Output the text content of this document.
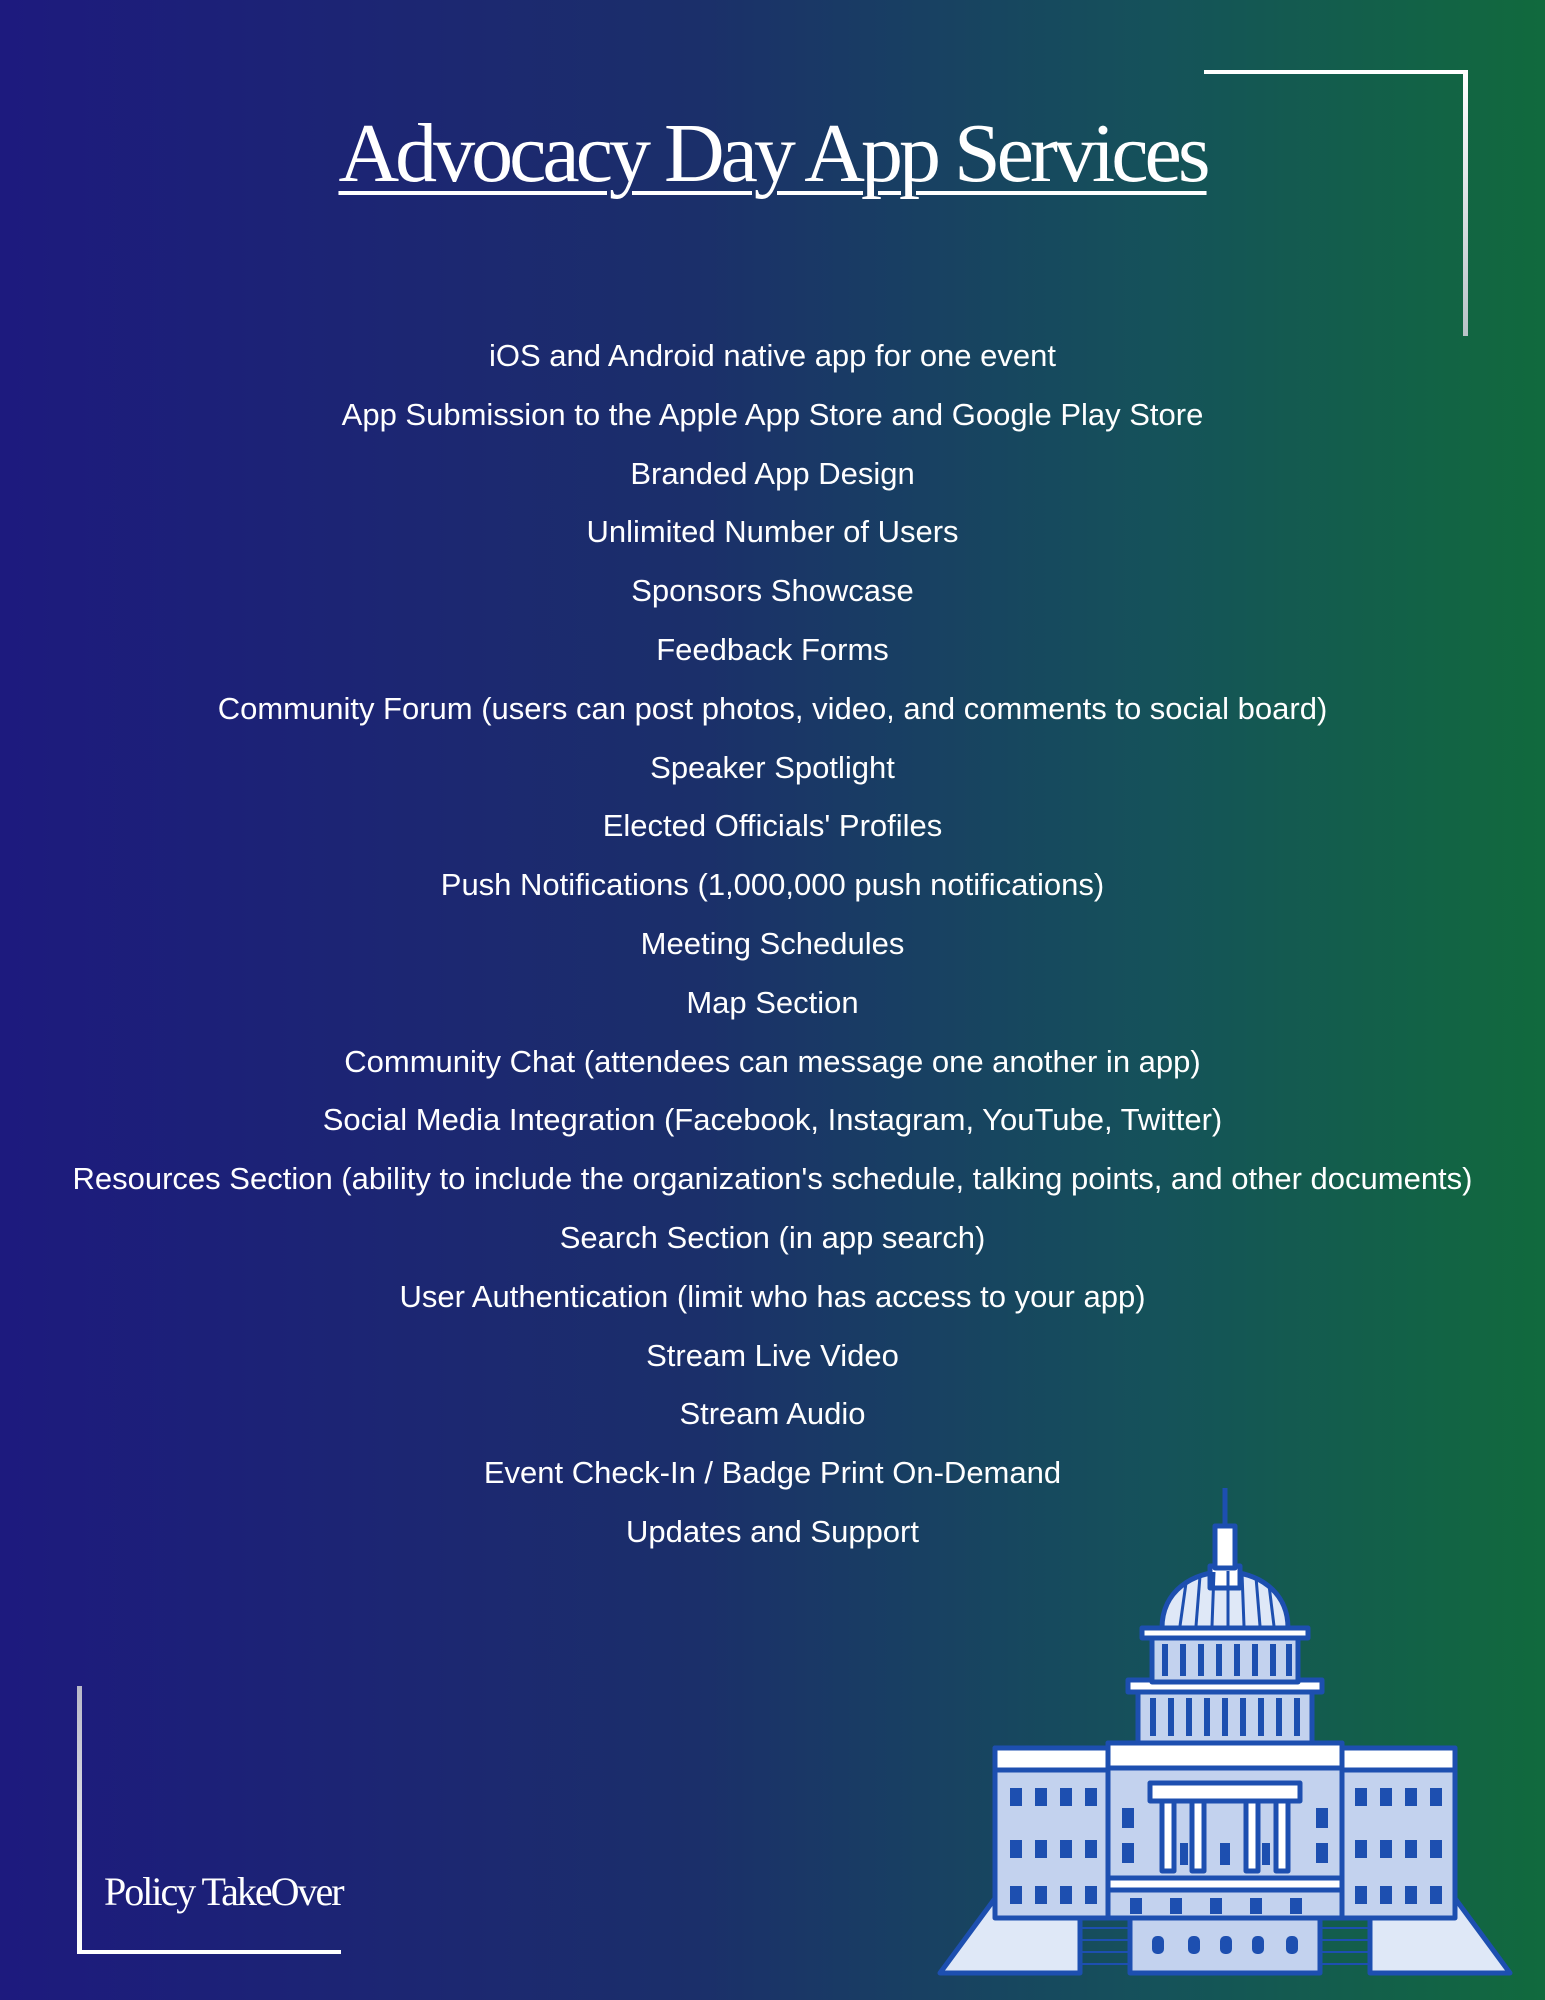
Advocacy Day App Services
iOS and Android native app for one event
App Submission to the Apple App Store and Google Play Store
Branded App Design
Unlimited Number of Users
Sponsors Showcase
Feedback Forms
Community Forum (users can post photos, video, and comments to social board)
Speaker Spotlight
Elected Officials' Profiles
Push Notifications (1,000,000 push notifications)
Meeting Schedules
Map Section
Community Chat (attendees can message one another in app)
Social Media Integration (Facebook, Instagram, YouTube, Twitter)
Resources Section (ability to include the organization's schedule, talking points, and other documents)
Search Section (in app search)
User Authentication (limit who has access to your app)
Stream Live Video
Stream Audio
Event Check-In / Badge Print On-Demand
Updates and Support
Policy TakeOver
